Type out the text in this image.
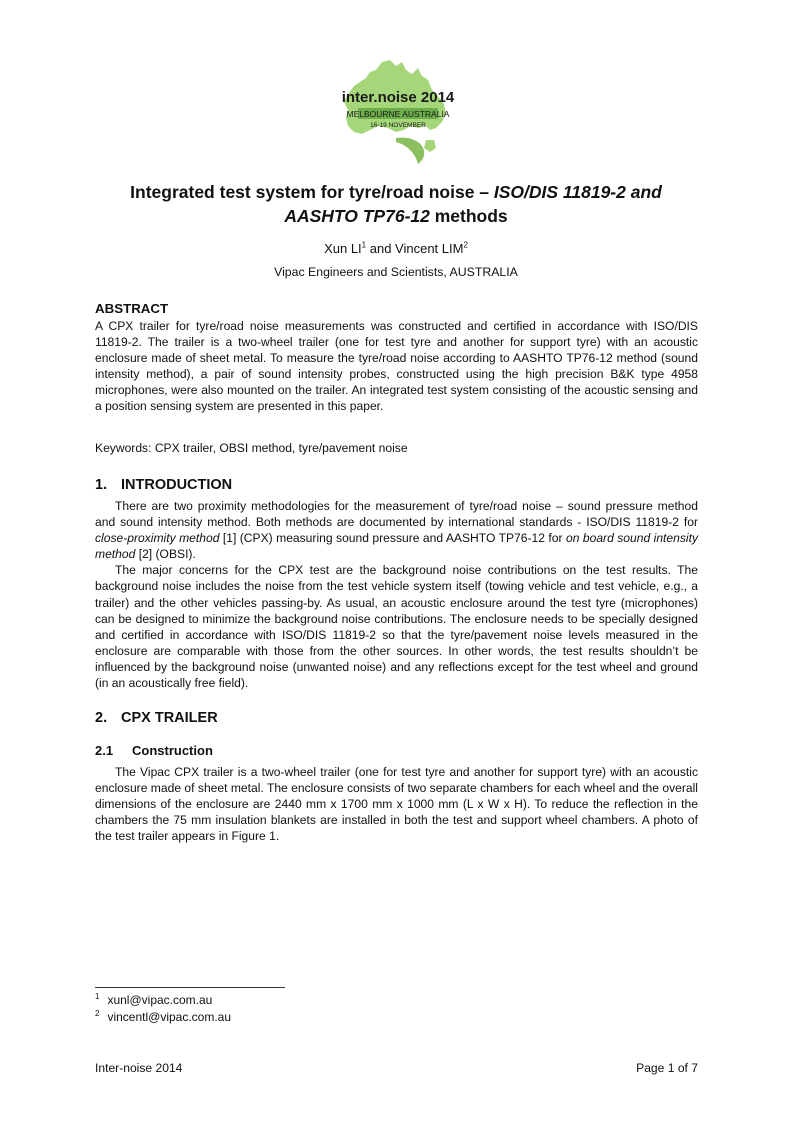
inter.noise 2014
MELBOURNE AUSTRALIA
16-19 NOVEMBER
Integrated test system for tyre/road noise – ISO/DIS 11819-2 and
AASHTO TP76-12 methods
Xun $LI^1$ and Vincent LIM$^2$
Vipac Engineers and Scientists, AUSTRALIA
ABSTRACT

A CPX trailer for tyre/road noise measurements was constructed and certified in accordance with ISO/DIS 11819-2. The trailer is a two-wheel trailer (one for test tyre and another for support tyre) with an acoustic enclosure made of sheet metal. To measure the tyre/road noise according to AASHTO TP76-12 method (sound intensity method), a pair of sound intensity probes, constructed using the high precision B&K type 4958 microphones, were also mounted on the trailer. An integrated test system consisting of the acoustic sensing and a position sensing system are presented in this paper.

Keywords: CPX trailer, OBSI method, tyre/pavement noise
1. INTRODUCTION

There are two proximity methodologies for the measurement of tyre/road noise – sound pressure method and sound intensity method. Both methods are documented by international standards - ISO/DIS 11819-2 for close-proximity method [1] (CPX) measuring sound pressure and AASHTO TP76-12 for on board sound intensity method [2] (OBSI).

The major concerns for the CPX test are the background noise contributions on the test results. The background noise includes the noise from the test vehicle system itself (towing vehicle and test vehicle, e.g., a trailer) and the other vehicles passing-by. As usual, an acoustic enclosure around the test tyre (microphones) can be designed to minimize the background noise contributions. The enclosure needs to be specially designed and certified in accordance with ISO/DIS 11819-2 so that the tyre/pavement noise levels measured in the enclosure are comparable with those from the other sources. In other words, the test results shouldn’t be influenced by the background noise (unwanted noise) and any reflections except for the test wheel and ground (in an acoustically free field).

2. CPX TRAILER
2.1 Construction

The Vipac CPX trailer is a two-wheel trailer (one for test tyre and another for support tyre) with an acoustic enclosure made of sheet metal. The enclosure consists of two separate chambers for each wheel and the overall dimensions of the enclosure are 2440 mm x 1700 mm x 1000 mm (L x W x H). To reduce the reflection in the chambers the 75 mm insulation blankets are installed in both the test and support wheel chambers. A photo of the test trailer appears in Figure 1.

$^1$ xunl@vipac.com.au
$^2$ vincentl@vipac.com.au
Inter-noise 2014	Page 1 of 7
